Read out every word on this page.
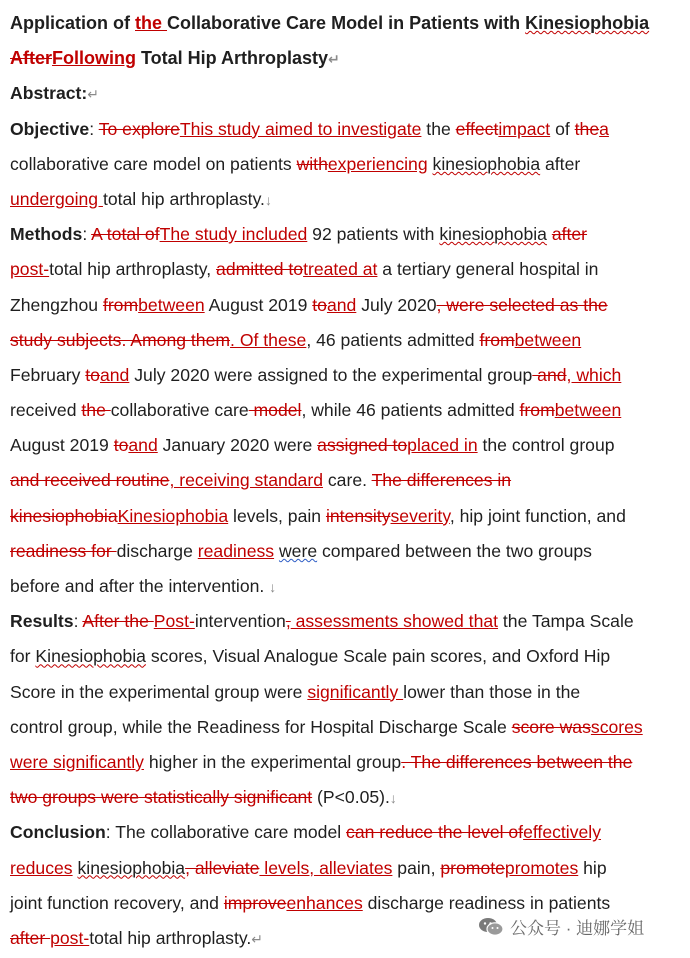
Application of the Collaborative Care Model in Patients with Kinesiophobia
AfterFollowing Total Hip Arthroplasty↵
Abstract:↵
Objective: To exploreThis study aimed to investigate the effectimpact of thea
collaborative care model on patients withexperiencing kinesiophobia after
undergoing total hip arthroplasty.↓
Methods: A total ofThe study included 92 patients with kinesiophobia after
post-total hip arthroplasty, admitted totreated at a tertiary general hospital in
Zhengzhou frombetween August 2019 toand July 2020, were selected as the
study subjects. Among them. Of these, 46 patients admitted frombetween
February toand July 2020 were assigned to the experimental group and, which
received the collaborative care model, while 46 patients admitted frombetween
August 2019 toand January 2020 were assigned toplaced in the control group
and received routine, receiving standard care. The differences in
kinesiophobiaKinesiophobia levels, pain intensityseverity, hip joint function, and
readiness for discharge readiness were compared between the two groups
before and after the intervention. ↓
Results: After the Post-intervention, assessments showed that the Tampa Scale
for Kinesiophobia scores, Visual Analogue Scale pain scores, and Oxford Hip
Score in the experimental group were significantly lower than those in the
control group, while the Readiness for Hospital Discharge Scale score wasscores
were significantly higher in the experimental group. The differences between the
two groups were statistically significant (P<0.05).↓
Conclusion: The collaborative care model can reduce the level ofeffectively
reduces kinesiophobia, alleviate levels, alleviates pain, promotepromotes hip
joint function recovery, and improveenhances discharge readiness in patients
after post-total hip arthroplasty.↵
公众号 · 迪娜学姐
